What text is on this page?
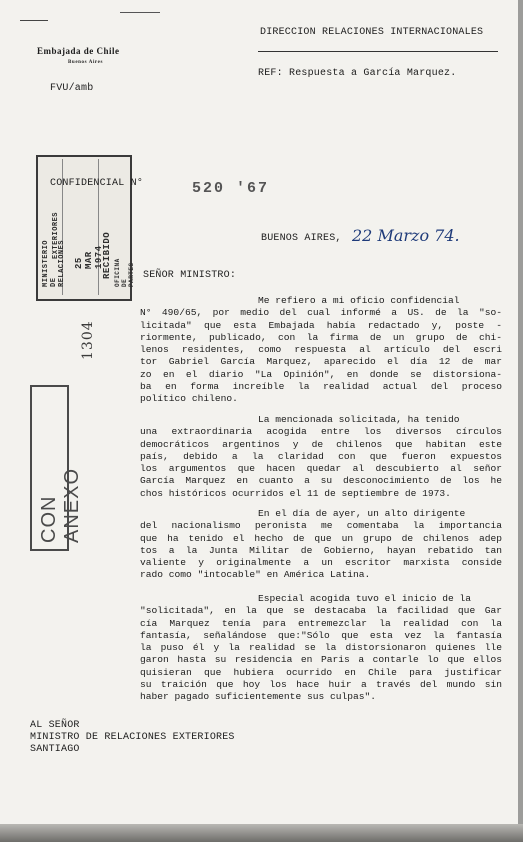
Embajada de Chile
Buenos Aires
FVU/amb
DIRECCION RELACIONES INTERNACIONALES
REF: Respuesta a García Marquez.
MINISTERIO DE RELACIONES
EXTERIORES
25 MAR 1974
RECIBIDO OFICINA DE PARTES
CONFIDENCIAL N°	520 '67
BUENOS AIRES, 22 Marzo 74.
SEÑOR MINISTRO:
Me refiero a mi oficio confidencial
N° 490/65, por medio del cual informé a US. de la "so-
licitada" que esta Embajada había redactado y, poste -
riormente, publicado, con la firma de un grupo de chi-
lenos residentes, como respuesta al artículo del escri
tor Gabriel García Marquez, aparecido el día 12 de mar
zo en el diario "La Opinión", en donde se distorsiona-
ba en forma increíble la realidad actual del proceso
político chileno.
La mencionada solicitada, ha tenido
una extraordinaria acogida entre los diversos círculos
democráticos argentinos y de chilenos que habitan este
país, debido a la claridad con que fueron expuestos
los argumentos que hacen quedar al descubierto al señor
García Marquez en cuanto a su desconocimiento de los he
chos históricos ocurridos el 11 de septiembre de 1973.
En el día de ayer, un alto dirigente
del nacionalismo peronista me comentaba la importancia
que ha tenido el hecho de que un grupo de chilenos adep
tos a la Junta Militar de Gobierno, hayan rebatido tan
valiente y originalmente a un escritor marxista conside
rado como "intocable" en América Latina.
Especial acogida tuvo el inicio de la
"solicitada", en la que se destacaba la facilidad que Gar
cía Marquez tenía para entremezclar la realidad con la
fantasía, señalándose que:"Sólo que esta vez la fantasía
la puso él y la realidad se la distorsionaron quienes lle
garon hasta su residencia en Paris a contarle lo que ellos
quisieran que hubiera ocurrido en Chile para justificar
su traición que hoy los hace huir a través del mundo sin
haber pagado suficientemente sus culpas".
1304
CON ANEXO
AL SEÑOR
MINISTRO DE RELACIONES EXTERIORES
SANTIAGO
